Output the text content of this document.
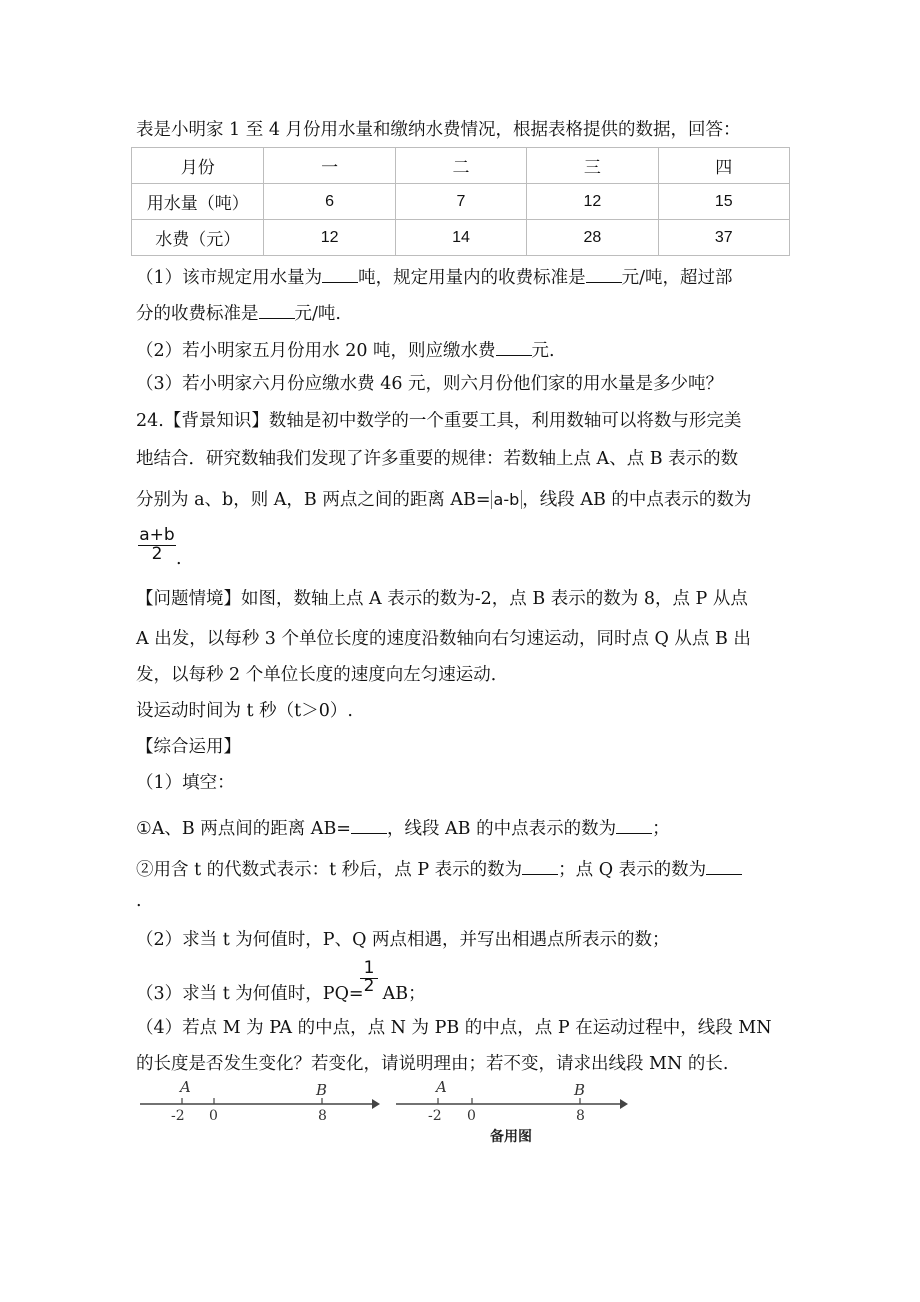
表是小明家 1 至 4 月份用水量和缴纳水费情况，根据表格提供的数据，回答：
月份	一	二	三	四
用水量（吨）	6	7	12	15
水费（元）	12	14	28	37
（1）该市规定用水量为 吨，规定用量内的收费标准是 元/吨，超过部
分的收费标准是 元/吨.
（2）若小明家五月份用水 20 吨，则应缴水费 元.
（3）若小明家六月份应缴水费 46 元，则六月份他们家的用水量是多少吨？
24.【背景知识】数轴是初中数学的一个重要工具，利用数轴可以将数与形完美
地结合．研究数轴我们发现了许多重要的规律：若数轴上点 A、点 B 表示的数
分别为 a、b，则 A，B 两点之间的距离 AB= a-b ，线段 AB 的中点表示的数为
a+b
2 .
【问题情境】如图，数轴上点 A 表示的数为-2，点 B 表示的数为 8，点 P 从点
A 出发，以每秒 3 个单位长度的速度沿数轴向右匀速运动，同时点 Q 从点 B 出
发，以每秒 2 个单位长度的速度向左匀速运动．
设运动时间为 t 秒（t＞0）.
【综合运用】
（1）填空：
①A、B 两点间的距离 AB= ，线段 AB 的中点表示的数为 ；
②用含 t 的代数式表示：t 秒后，点 P 表示的数为 ；点 Q 表示的数为
.
（2）求当 t 为何值时，P、Q 两点相遇，并写出相遇点所表示的数；
1
2
（3）求当 t 为何值时，PQ= AB；
（4）若点 M 为 PA 的中点，点 N 为 PB 的中点，点 P 在运动过程中，线段 MN
的长度是否发生变化？若变化，请说明理由；若不变，请求出线段 MN 的长.
A	B
-2 0	8
A	B
-2 0	8
备用图
